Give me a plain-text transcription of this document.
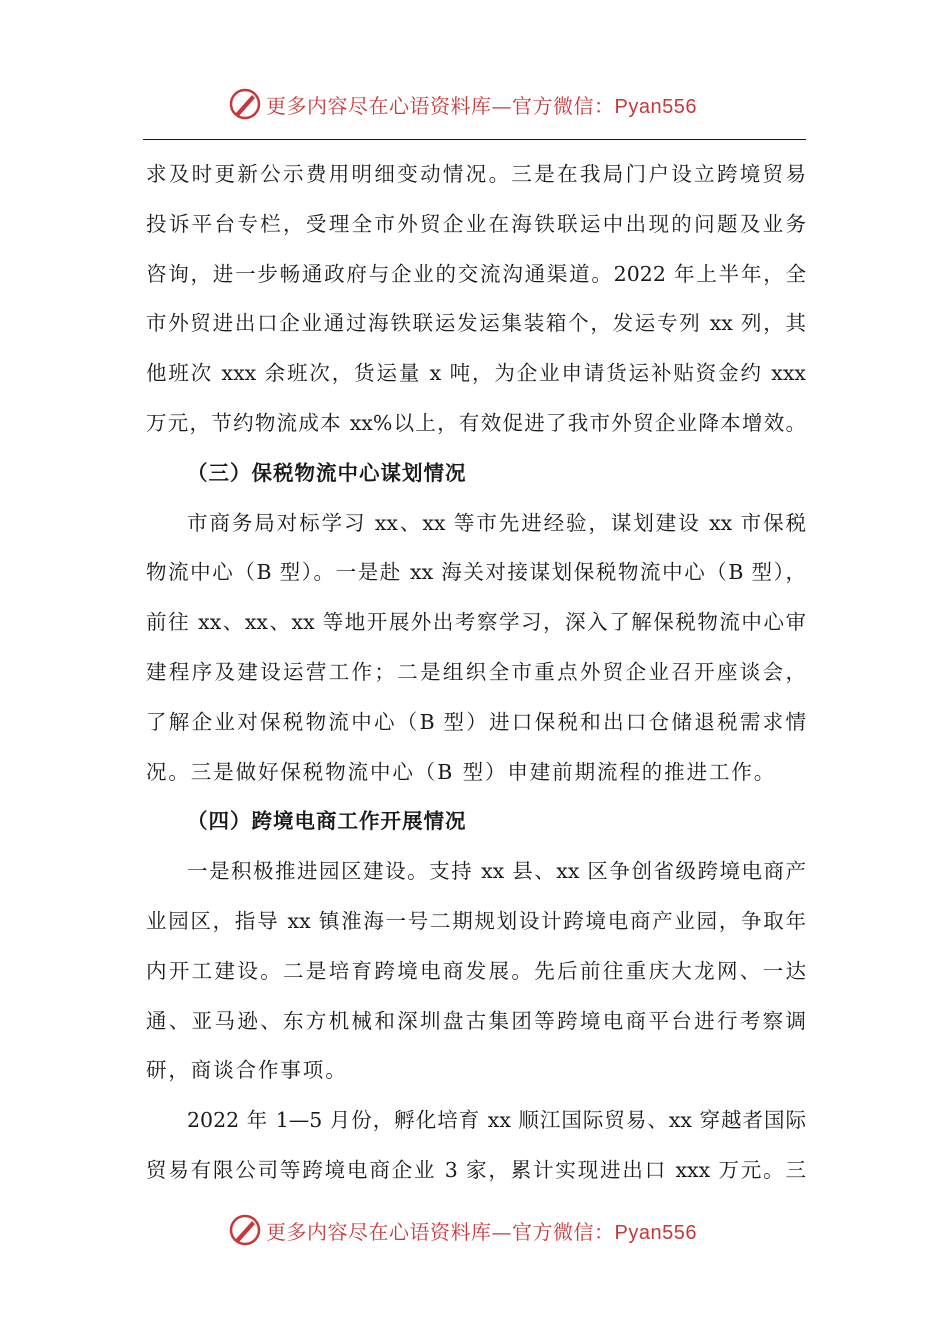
更多内容尽在心语资料库—官方微信：Pyan556
求及时更新公示费用明细变动情况。三是在我局门户设立跨境贸易
投诉平台专栏，受理全市外贸企业在海铁联运中出现的问题及业务
咨询，进一步畅通政府与企业的交流沟通渠道。2022 年上半年，全
市外贸进出口企业通过海铁联运发运集装箱个，发运专列 xx 列，其
他班次 xxx 余班次，货运量 x 吨，为企业申请货运补贴资金约 xxx
万元，节约物流成本 xx%以上，有效促进了我市外贸企业降本增效。
（三）保税物流中心谋划情况
市商务局对标学习 xx、xx 等市先进经验，谋划建设 xx 市保税
物流中心（B 型）。一是赴 xx 海关对接谋划保税物流中心（B 型），
前往 xx、xx、xx 等地开展外出考察学习，深入了解保税物流中心审
建程序及建设运营工作；二是组织全市重点外贸企业召开座谈会，
了解企业对保税物流中心（B 型）进口保税和出口仓储退税需求情
况。三是做好保税物流中心（B 型）申建前期流程的推进工作。
（四）跨境电商工作开展情况
一是积极推进园区建设。支持 xx 县、xx 区争创省级跨境电商产
业园区，指导 xx 镇淮海一号二期规划设计跨境电商产业园，争取年
内开工建设。二是培育跨境电商发展。先后前往重庆大龙网、一达
通、亚马逊、东方机械和深圳盘古集团等跨境电商平台进行考察调
研，商谈合作事项。
2022 年 1—5 月份，孵化培育 xx 顺江国际贸易、xx 穿越者国际
贸易有限公司等跨境电商企业 3 家，累计实现进出口 xxx 万元。三
更多内容尽在心语资料库—官方微信：Pyan556
